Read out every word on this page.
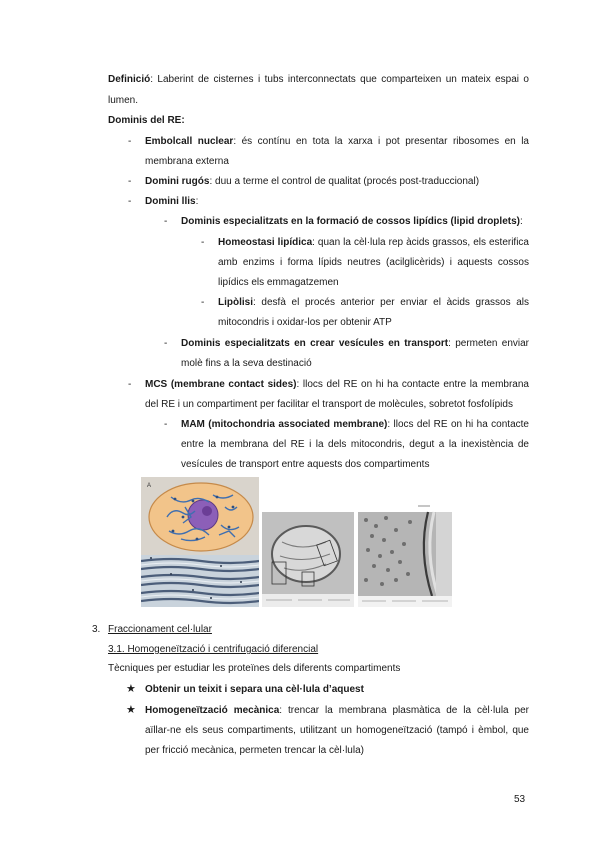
Definició: Laberint de cisternes i tubs interconnectats que comparteixen un mateix espai o
lumen.
Dominis del RE:
- Embolcall nuclear: és contínu en tota la xarxa i pot presentar ribosomes en la
membrana externa
- Domini rugós: duu a terme el control de qualitat (procés post-traduccional)
- Domini llis:
- Dominis especialitzats en la formació de cossos lipídics (lipid droplets):
- Homeostasi lipídica: quan la cèl·lula rep àcids grassos, els esterifica
amb enzims i forma lípids neutres (acilglicèrids) i aquests cossos
lipídics els emmagatzemen
- Lipòlisi: desfà el procés anterior per enviar el àcids grassos als
mitocondris i oxidar-los per obtenir ATP
- Dominis especialitzats en crear vesícules en transport: permeten enviar
molè fins a la seva destinació
- MCS (membrane contact sides): llocs del RE on hi ha contacte entre la membrana
del RE i un compartiment per facilitar el transport de molècules, sobretot fosfolípids
- MAM (mitochondria associated membrane): llocs del RE on hi ha contacte
entre la membrana del RE i la dels mitocondris, degut a la inexistència de
vesícules de transport entre aquests dos compartiments
A
3. Fraccionament cel·lular
3.1. Homogeneïtzació i centrifugació diferencial
Tècniques per estudiar les proteïnes dels diferents compartiments
★ Obtenir un teixit i separa una cèl·lula d’aquest
★ Homogeneïtzació mecànica: trencar la membrana plasmàtica de la cèl·lula per
aïllar-ne els seus compartiments, utilitzant un homogeneïtzació (tampó i èmbol, que
per fricció mecànica, permeten trencar la cèl·lula)
53
